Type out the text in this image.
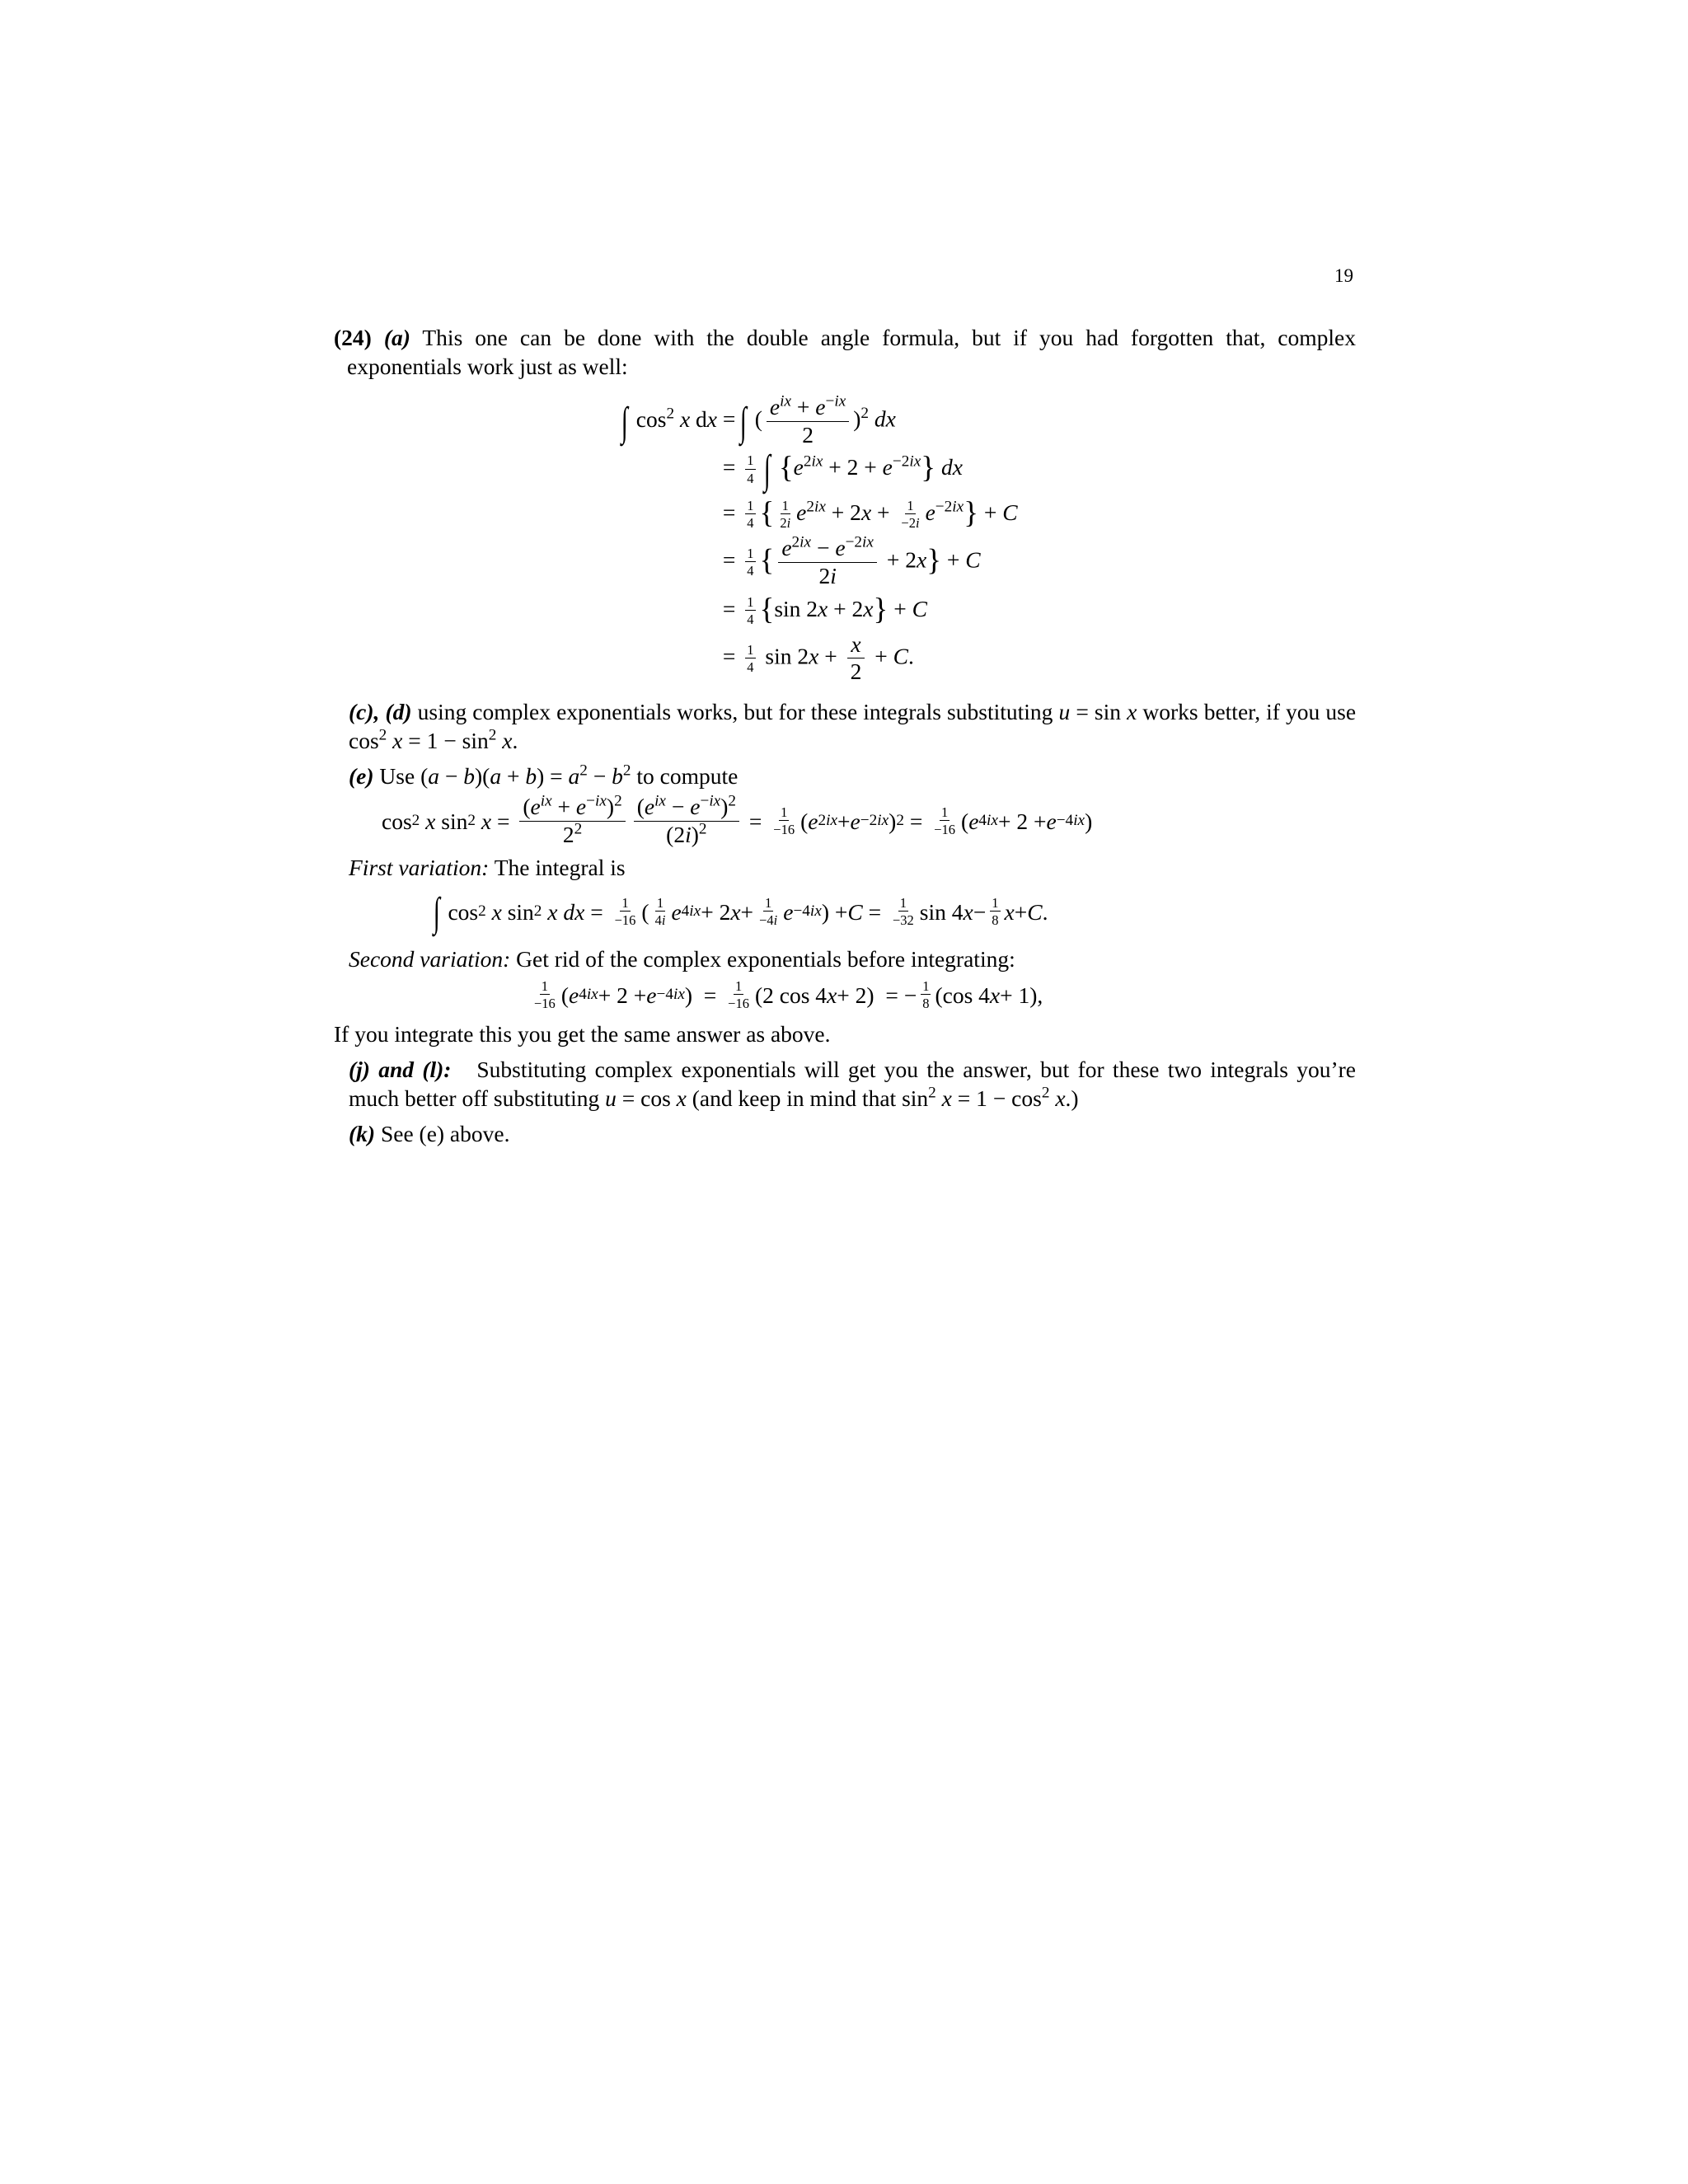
19

(24) (a) This one can be done with the double angle formula, but if you had forgotten that, complex exponentials work just as well:

∫ $\cos^2 x$ dx = ∫ ( $\frac{e^{ix} + e^{-ix}}{2} )^2$ dx
= $\frac{1}{4}$ ∫ $\{e^{2ix} + 2 + e^{-2ix}\}$ dx
= $\frac{1}{4}$ { $\frac{1}{2i} e^{2ix} + 2x + \frac{1}{-2i} e^{-2ix}\} + C$
= $\frac{1}{4}$ { $\frac{e^{2ix} - e^{-2ix}}{2i} + 2x\} + C$
= $\frac{1}{4} \{\sin$ 2x + 2x} + C
= $\frac{1}{4}$ $\sin 2x + \frac{x}{2} + C$.

(c), (d) using complex exponentials works, but for these integrals substituting u = sin x works better, if you use $\cos^2 x = 1 - \sin^2 x$.

(e) Use $(a - b)(a + b) = a^2 - b^2$ to compute

cos 2
x sin 2
$x = \frac{(e^{ix} + e^{-ix})^2}{2^2} \frac{(e^{ix} - e^{-ix})^2}{(2i)^2} = \frac{1}{-16}$ ( e 2ix + e −2ix ) $2 = \frac{1}{-16}$ ( e 4ix + 2 + e −4ix )

First variation: The integral is

∫ cos 2
x sin 2
x dx = $\frac{1}{-16}$ ( $\frac{1}{4i}$ e 4ix + 2 $x + \frac{1}{-4i}$ e −4ix ) + $C = \frac{1}{-32}$ sin 4 $x - \frac{1}{8}$ x + C .

Second variation: Get rid of the complex exponentials before integrating:

$\frac{1}{-16}$ ( e 4ix + 2 + e −4ix )  = $\frac{1}{-16} (2$ cos 4 x + 2)  = − $\frac{1}{8} (\cos$ 4 x + 1),

If you integrate this you get the same answer as above.

(j) and (l): Substituting complex exponentials will get you the answer, but for these two integrals you’re much better off substituting u = cos x (and keep in mind that $\sin^2 x = 1 - \cos^2 x$.)

(k) See (e) above.
